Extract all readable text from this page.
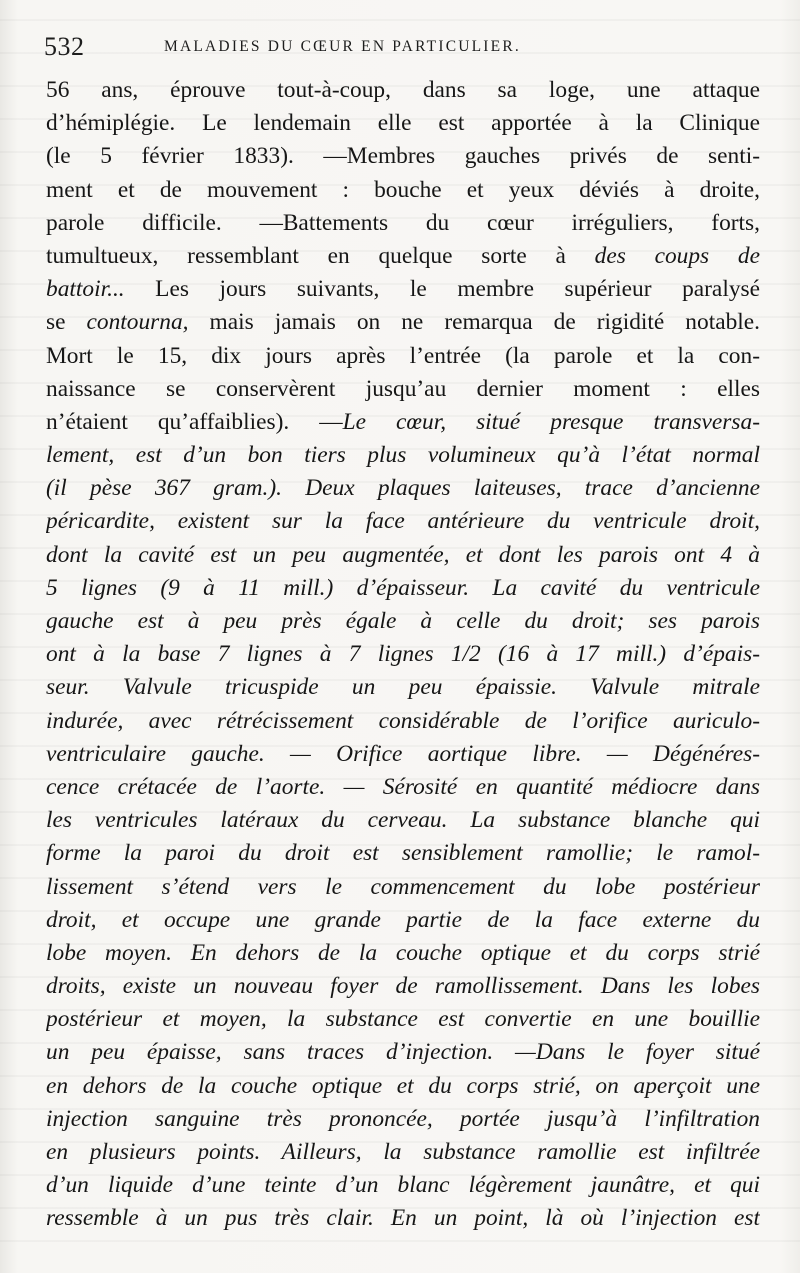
532	MALADIES DU CŒUR EN PARTICULIER.
56 ans, éprouve tout-à-coup, dans sa loge, une attaque
d’hémiplégie. Le lendemain elle est apportée à la Clinique
(le 5 février 1833). —Membres gauches privés de senti-
ment et de mouvement : bouche et yeux déviés à droite,
parole difficile. —Battements du cœur irréguliers, forts,
tumultueux, ressemblant en quelque sorte à des coups de
battoir... Les jours suivants, le membre supérieur paralysé
se contourna, mais jamais on ne remarqua de rigidité notable.
Mort le 15, dix jours après l’entrée (la parole et la con-
naissance se conservèrent jusqu’au dernier moment : elles
n’étaient qu’affaiblies). —Le cœur, situé presque transversa-
lement, est d’un bon tiers plus volumineux qu’à l’état normal
(il pèse 367 gram.). Deux plaques laiteuses, trace d’ancienne
péricardite, existent sur la face antérieure du ventricule droit,
dont la cavité est un peu augmentée, et dont les parois ont 4 à
5 lignes (9 à 11 mill.) d’épaisseur. La cavité du ventricule
gauche est à peu près égale à celle du droit; ses parois
ont à la base 7 lignes à 7 lignes 1/2 (16 à 17 mill.) d’épais-
seur. Valvule tricuspide un peu épaissie. Valvule mitrale
indurée, avec rétrécissement considérable de l’orifice auriculo-
ventriculaire gauche. — Orifice aortique libre. — Dégénéres-
cence crétacée de l’aorte. — Sérosité en quantité médiocre dans
les ventricules latéraux du cerveau. La substance blanche qui
forme la paroi du droit est sensiblement ramollie; le ramol-
lissement s’étend vers le commencement du lobe postérieur
droit, et occupe une grande partie de la face externe du
lobe moyen. En dehors de la couche optique et du corps strié
droits, existe un nouveau foyer de ramollissement. Dans les lobes
postérieur et moyen, la substance est convertie en une bouillie
un peu épaisse, sans traces d’injection. —Dans le foyer situé
en dehors de la couche optique et du corps strié, on aperçoit une
injection sanguine très prononcée, portée jusqu’à l’infiltration
en plusieurs points. Ailleurs, la substance ramollie est infiltrée
d’un liquide d’une teinte d’un blanc légèrement jaunâtre, et qui
ressemble à un pus très clair. En un point, là où l’injection est
